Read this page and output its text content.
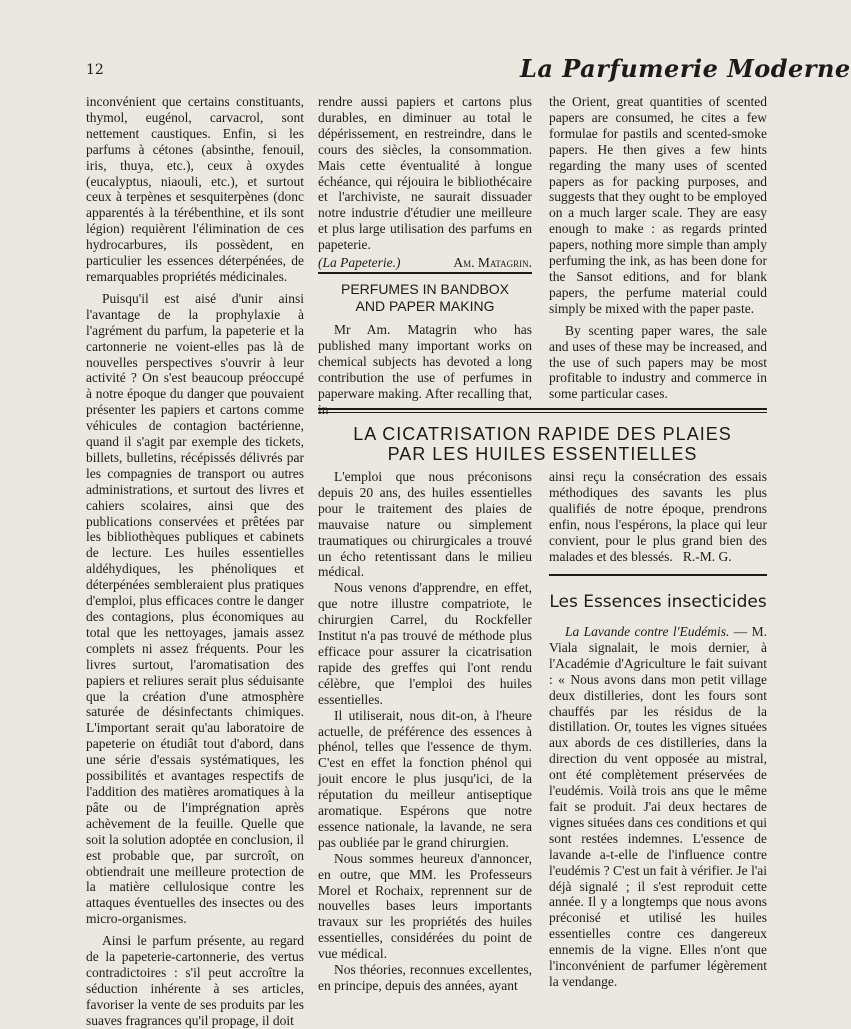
12	La Parfumerie Moderne

inconvénient que certains constituants, thymol, eugénol, carvacrol, sont nettement caustiques. Enfin, si les parfums à cétones (absinthe, fenouil, iris, thuya, etc.), ceux à oxydes (eucalyptus, niaouli, etc.), et surtout ceux à terpènes et sesquiterpènes (donc apparentés à la térébenthine, et ils sont légion) requièrent l'élimination de ces hydrocarbures, ils possèdent, en particulier les essences déterpénées, de remarquables propriétés médicinales.

Puisqu'il est aisé d'unir ainsi l'avantage de la prophylaxie à l'agrément du parfum, la papeterie et la cartonnerie ne voient-elles pas là de nouvelles perspectives s'ouvrir à leur activité ? On s'est beaucoup préoccupé à notre époque du danger que pouvaient présenter les papiers et cartons comme véhicules de contagion bactérienne, quand il s'agit par exemple des tickets, billets, bulletins, récépissés délivrés par les compagnies de transport ou autres administrations, et surtout des livres et cahiers scolaires, ainsi que des publications conservées et prêtées par les bibliothèques publiques et cabinets de lecture. Les huiles essentielles aldéhydiques, les phénoliques et déterpénées sembleraient plus pratiques d'emploi, plus efficaces contre le danger des contagions, plus économiques au total que les nettoyages, jamais assez complets ni assez fréquents. Pour les livres surtout, l'aromatisation des papiers et reliures serait plus séduisante que la création d'une atmosphère saturée de désinfectants chimiques. L'important serait qu'au laboratoire de papeterie on étudiât tout d'abord, dans une série d'essais systématiques, les possibilités et avantages respectifs de l'addition des matières aromatiques à la pâte ou de l'imprégnation après achèvement de la feuille. Quelle que soit la solution adoptée en conclusion, il est probable que, par surcroît, on obtiendrait une meilleure protection de la matière cellulosique contre les attaques éventuelles des insectes ou des micro-organismes.

Ainsi le parfum présente, au regard de la papeterie-cartonnerie, des vertus contradictoires : s'il peut accroître la séduction inhérente à ses articles, favoriser la vente de ses produits par les suaves fragrances qu'il propage, il doit

rendre aussi papiers et cartons plus durables, en diminuer au total le dépérissement, en restreindre, dans le cours des siècles, la consommation. Mais cette éventualité à longue échéance, qui réjouira le bibliothécaire et l'archiviste, ne saurait dissuader notre industrie d'étudier une meilleure et plus large utilisation des parfums en papeterie.

(La Papeterie.)	Am. Matagrin.
PERFUMES IN BANDBOX
AND PAPER MAKING

Mr Am. Matagrin who has published many important works on chemical subjects has devoted a long contribution the use of perfumes in paperware making. After recalling that,

the Orient, great quantities of scented papers are consumed, he cites a few formulae for pastils and scented-smoke papers. He then gives a few hints regarding the many uses of scented papers as for packing purposes, and suggests that they ought to be employed on a much larger scale. They are easy enough to make : as regards printed papers, nothing more simple than amply perfuming the ink, as has been done for the Sansot editions, and for blank papers, the perfume material could simply be mixed with the paper paste.

By scenting paper wares, the sale and uses of these may be increased, and the use of such papers may be most profitable to industry and commerce in some particular cases.

LA CICATRISATION RAPIDE DES PLAIES
PAR LES HUILES ESSENTIELLES

L'emploi que nous préconisons depuis 20 ans, des huiles essentielles pour le traitement des plaies de mauvaise nature ou simplement traumatiques ou chirurgicales a trouvé un écho retentissant dans le milieu médical.

Nous venons d'apprendre, en effet, que notre illustre compatriote, le chirurgien Carrel, du Rockfeller Institut n'a pas trouvé de méthode plus efficace pour assurer la cicatrisation rapide des greffes qui l'ont rendu célèbre, que l'emploi des huiles essentielles.

Il utiliserait, nous dit-on, à l'heure actuelle, de préférence des essences à phénol, telles que l'essence de thym. C'est en effet la fonction phénol qui jouit encore le plus jusqu'ici, de la réputation du meilleur antiseptique aromatique. Espérons que notre essence nationale, la lavande, ne sera pas oubliée par le grand chirurgien.

Nous sommes heureux d'annoncer, en outre, que MM. les Professeurs Morel et Rochaix, reprennent sur de nouvelles bases leurs importants travaux sur les propriétés des huiles essentielles, considérées du point de vue médical.

Nos théories, reconnues excellentes, en principe, depuis des années, ayant

ainsi reçu la consécration des essais méthodiques des savants les plus qualifiés de notre époque, prendrons enfin, nous l'espérons, la place qui leur convient, pour le plus grand bien des malades et des blessés. R.-M. G.

Les Essences insecticides

La Lavande contre l'Eudémis. — M. Viala signalait, le mois dernier, à l'Académie d'Agriculture le fait suivant : « Nous avons dans mon petit village deux distilleries, dont les fours sont chauffés par les résidus de la distillation. Or, toutes les vignes situées aux abords de ces distilleries, dans la direction du vent opposée au mistral, ont été complètement préservées de l'eudémis. Voilà trois ans que le même fait se produit. J'ai deux hectares de vignes situées dans ces conditions et qui sont restées indemnes. L'essence de lavande a-t-elle de l'influence contre l'eudémis ? C'est un fait à vérifier. Je l'ai déjà signalé ; il s'est reproduit cette année. Il y a longtemps que nous avons préconisé et utilisé les huiles essentielles contre ces dangereux ennemis de la vigne. Elles n'ont que l'inconvénient de parfumer légèrement la vendange.
